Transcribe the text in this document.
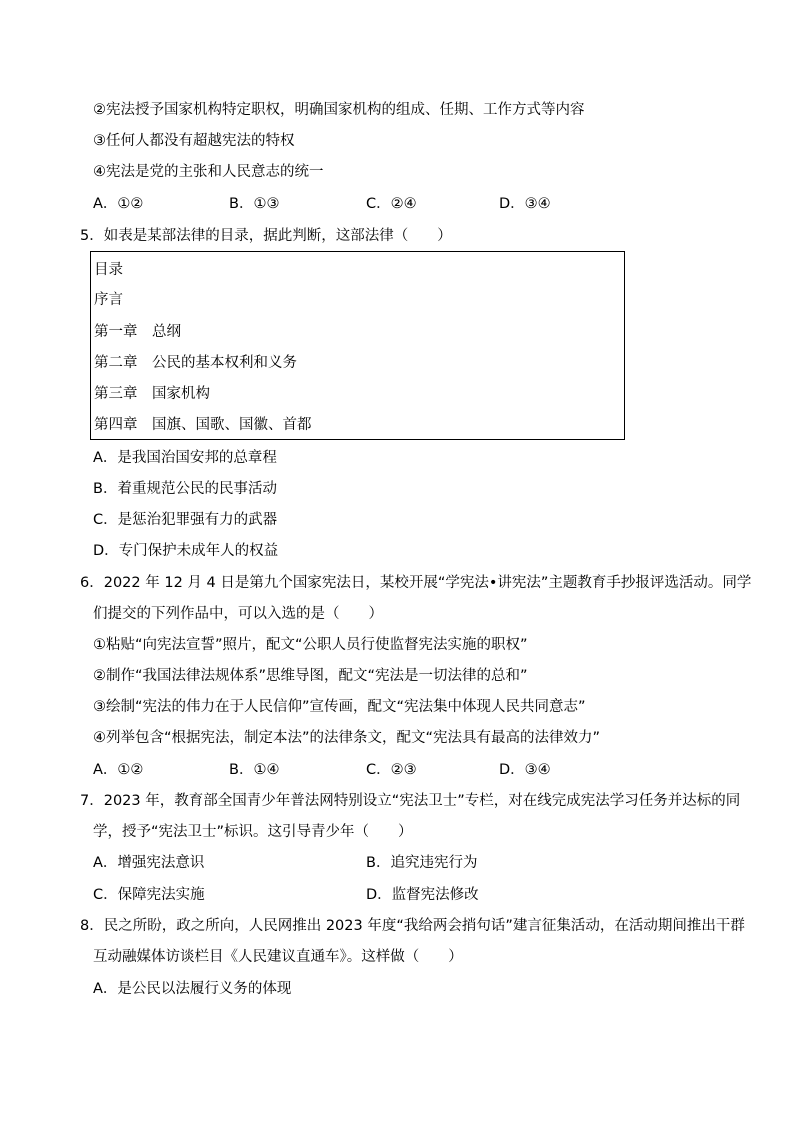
②宪法授予国家机构特定职权，明确国家机构的组成、任期、工作方式等内容
③任何人都没有超越宪法的特权
④宪法是党的主张和人民意志的统一
A．①②	B．①③	C．②④	D．③④
5．如表是某部法律的目录，据此判断，这部法律（　　）
目录
序言
第一章　总纲
第二章　公民的基本权利和义务
第三章　国家机构
第四章　国旗、国歌、国徽、首都
A．是我国治国安邦的总章程
B．着重规范公民的民事活动
C．是惩治犯罪强有力的武器
D．专门保护未成年人的权益
6．2022 年 12 月 4 日是第九个国家宪法日，某校开展“学宪法•讲宪法”主题教育手抄报评选活动。同学
们提交的下列作品中，可以入选的是（　　）
①粘贴“向宪法宣誓”照片，配文“公职人员行使监督宪法实施的职权”
②制作“我国法律法规体系”思维导图，配文“宪法是一切法律的总和”
③绘制“宪法的伟力在于人民信仰”宣传画，配文“宪法集中体现人民共同意志”
④列举包含“根据宪法，制定本法”的法律条文，配文“宪法具有最高的法律效力”
A．①②	B．①④	C．②③	D．③④
7．2023 年，教育部全国青少年普法网特别设立“宪法卫士”专栏，对在线完成宪法学习任务并达标的同
学，授予“宪法卫士”标识。这引导青少年（　　）
A．增强宪法意识	B．追究违宪行为
C．保障宪法实施	D．监督宪法修改
8．民之所盼，政之所向，人民网推出 2023 年度“我给两会捎句话”建言征集活动，在活动期间推出干群
互动融媒体访谈栏目《人民建议直通车》。这样做（　　）
A．是公民以法履行义务的体现
